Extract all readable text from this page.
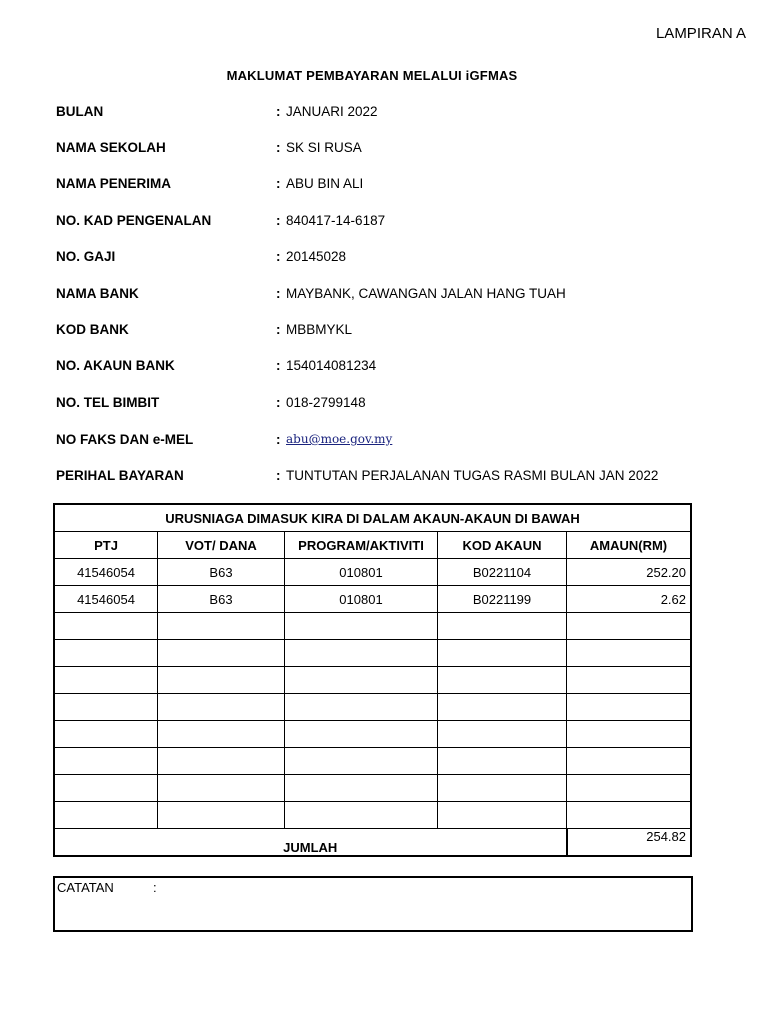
LAMPIRAN A
MAKLUMAT PEMBAYARAN MELALUI iGFMAS
BULAN	: JANUARI 2022
NAMA SEKOLAH	: SK SI RUSA
NAMA PENERIMA	: ABU BIN ALI
NO. KAD PENGENALAN	: 840417-14-6187
NO. GAJI	: 20145028
NAMA BANK	: MAYBANK, CAWANGAN JALAN HANG TUAH
KOD BANK	: MBBMYKL
NO. AKAUN BANK	: 154014081234
NO. TEL BIMBIT	: 018-2799148
NO FAKS DAN e-MEL	: abu@moe.gov.my
PERIHAL BAYARAN	: TUNTUTAN PERJALANAN TUGAS RASMI BULAN JAN 2022
URUSNIAGA DIMASUK KIRA DI DALAM AKAUN-AKAUN DI BAWAH				
PTJ	VOT/ DANA	PROGRAM/AKTIVITI	KOD AKAUN	AMAUN(RM)
41546054	B63	010801	B0221104	252.20
41546054	B63	010801	B0221199	2.62

JUMLAH				254.82
CATATAN	:
